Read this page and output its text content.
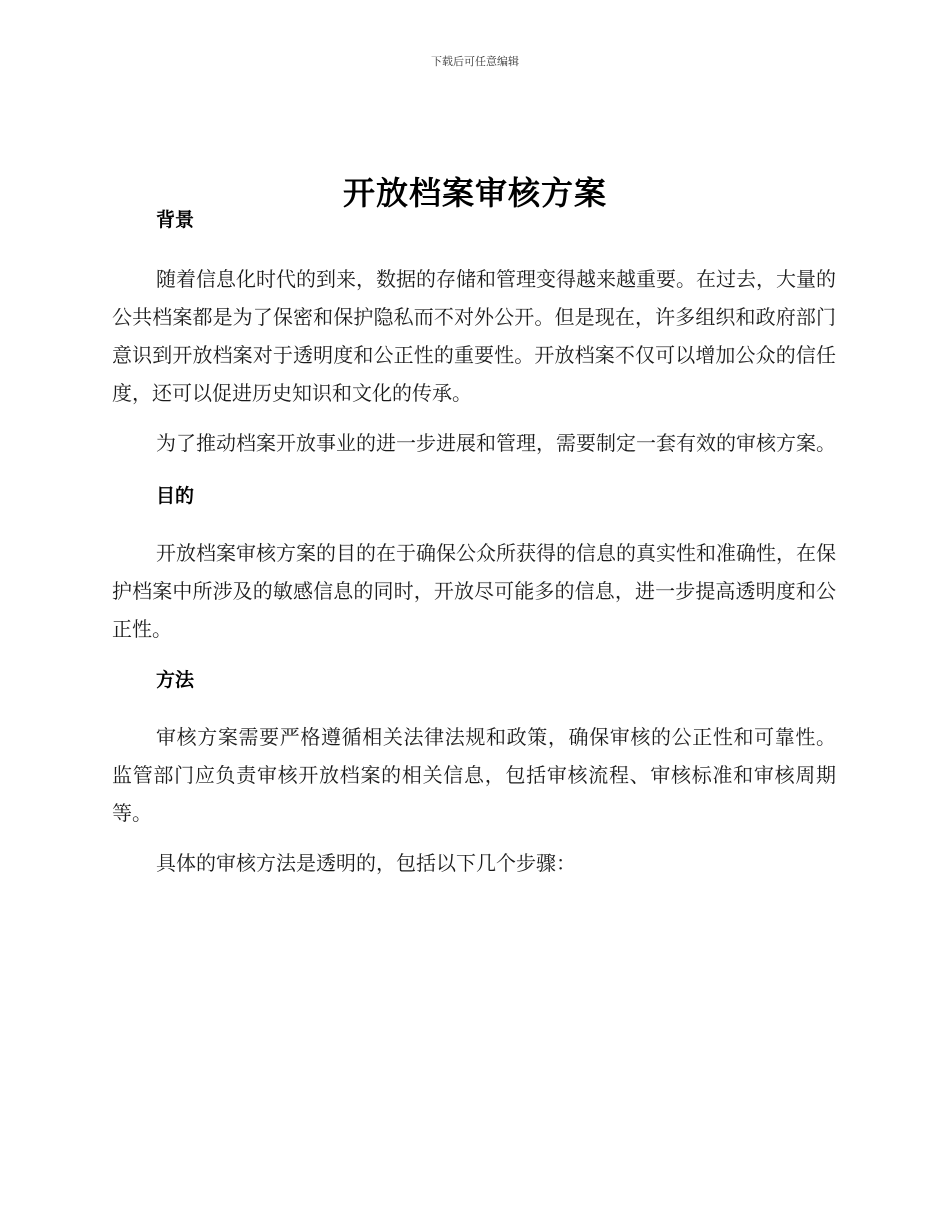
下载后可任意编辑
开放档案审核方案
背景

随着信息化时代的到来，数据的存储和管理变得越来越重要。在过去，大量的公共档案都是为了保密和保护隐私而不对外公开。但是现在，许多组织和政府部门意识到开放档案对于透明度和公正性的重要性。开放档案不仅可以增加公众的信任度，还可以促进历史知识和文化的传承。

为了推动档案开放事业的进一步进展和管理，需要制定一套有效的审核方案。

目的

开放档案审核方案的目的在于确保公众所获得的信息的真实性和准确性，在保护档案中所涉及的敏感信息的同时，开放尽可能多的信息，进一步提高透明度和公正性。

方法

审核方案需要严格遵循相关法律法规和政策，确保审核的公正性和可靠性。 监管部门应负责审核开放档案的相关信息，包括审核流程、审核标准和审核周期等。

具体的审核方法是透明的，包括以下几个步骤：
